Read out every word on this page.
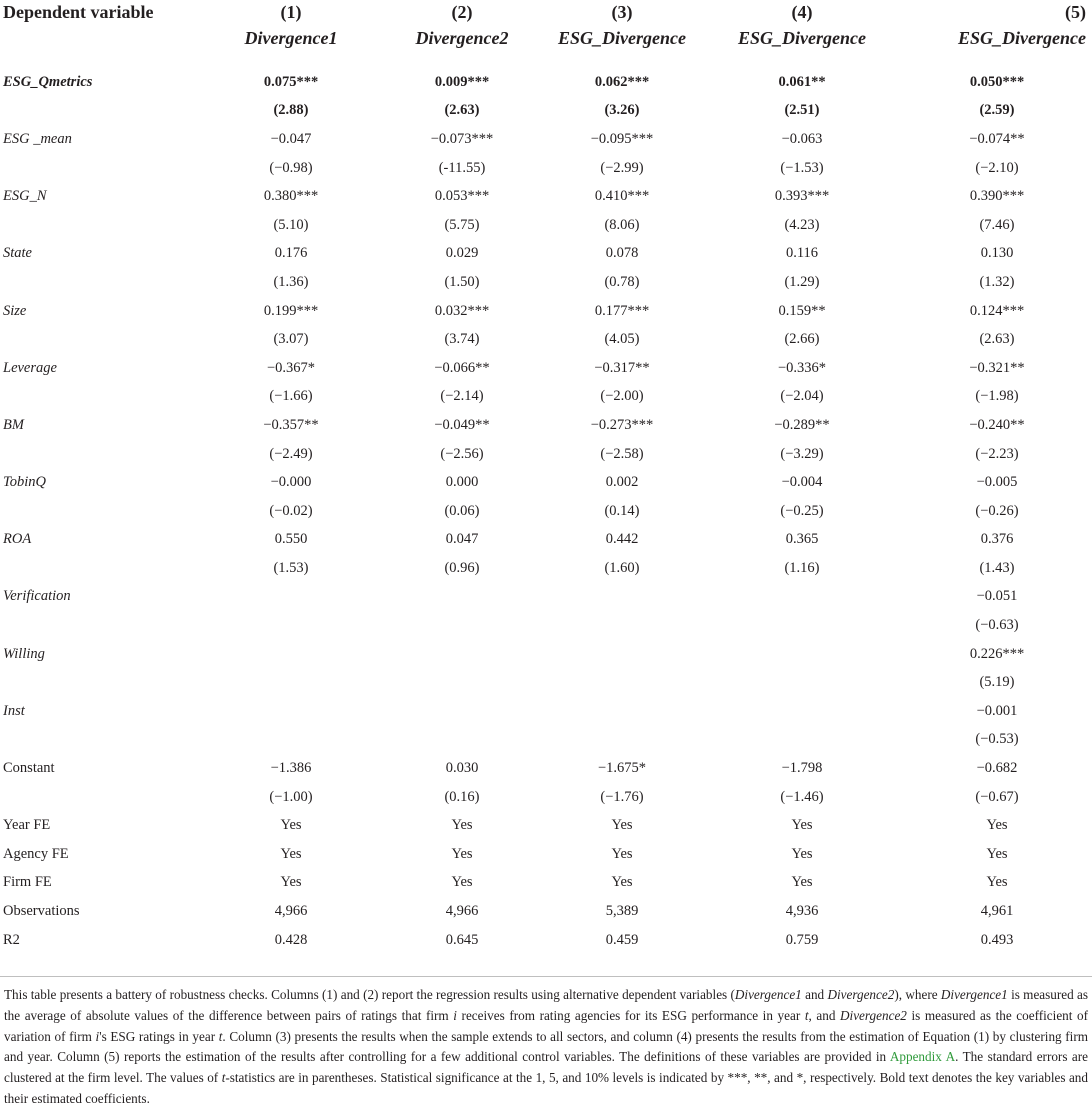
Dependent variable	(1)	(2)	(3)	(4)	(5)
	Divergence1	Divergence2	ESG_Divergence	ESG_Divergence	ESG_Divergence
ESG_Qmetrics	0.075***	0.009***	0.062***	0.061**	0.050***
	(2.88)	(2.63)	(3.26)	(2.51)	(2.59)
ESG _mean	−0.047	−0.073***	−0.095***	−0.063	−0.074**
	(−0.98)	(-11.55)	(−2.99)	(−1.53)	(−2.10)
ESG_N	0.380***	0.053***	0.410***	0.393***	0.390***
	(5.10)	(5.75)	(8.06)	(4.23)	(7.46)
State	0.176	0.029	0.078	0.116	0.130
	(1.36)	(1.50)	(0.78)	(1.29)	(1.32)
Size	0.199***	0.032***	0.177***	0.159**	0.124***
	(3.07)	(3.74)	(4.05)	(2.66)	(2.63)
Leverage	−0.367*	−0.066**	−0.317**	−0.336*	−0.321**
	(−1.66)	(−2.14)	(−2.00)	(−2.04)	(−1.98)
BM	−0.357**	−0.049**	−0.273***	−0.289**	−0.240**
	(−2.49)	(−2.56)	(−2.58)	(−3.29)	(−2.23)
TobinQ	−0.000	0.000	0.002	−0.004	−0.005
	(−0.02)	(0.06)	(0.14)	(−0.25)	(−0.26)
ROA	0.550	0.047	0.442	0.365	0.376
	(1.53)	(0.96)	(1.60)	(1.16)	(1.43)
Verification					−0.051
					(−0.63)
Willing					0.226***
					(5.19)
Inst					−0.001
					(−0.53)
Constant	−1.386	0.030	−1.675*	−1.798	−0.682
	(−1.00)	(0.16)	(−1.76)	(−1.46)	(−0.67)
Year FE	Yes	Yes	Yes	Yes	Yes
Agency FE	Yes	Yes	Yes	Yes	Yes
Firm FE	Yes	Yes	Yes	Yes	Yes
Observations	4,966	4,966	5,389	4,936	4,961
R2	0.428	0.645	0.459	0.759	0.493
This table presents a battery of robustness checks. Columns (1) and (2) report the regression results using alternative dependent variables (Divergence1 and Divergence2), where Divergence1 is measured as the average of absolute values of the difference between pairs of ratings that firm i receives from rating agencies for its ESG performance in year t, and Divergence2 is measured as the coefficient of variation of firm i's ESG ratings in year t. Column (3) presents the results when the sample extends to all sectors, and column (4) presents the results from the estimation of Equation (1) by clustering firm and year. Column (5) reports the estimation of the results after controlling for a few additional control variables. The definitions of these variables are provided in Appendix A. The standard errors are clustered at the firm level. The values of t-statistics are in parentheses. Statistical significance at the 1, 5, and 10% levels is indicated by ***, **, and *, respectively. Bold text denotes the key variables and their estimated coefficients.
